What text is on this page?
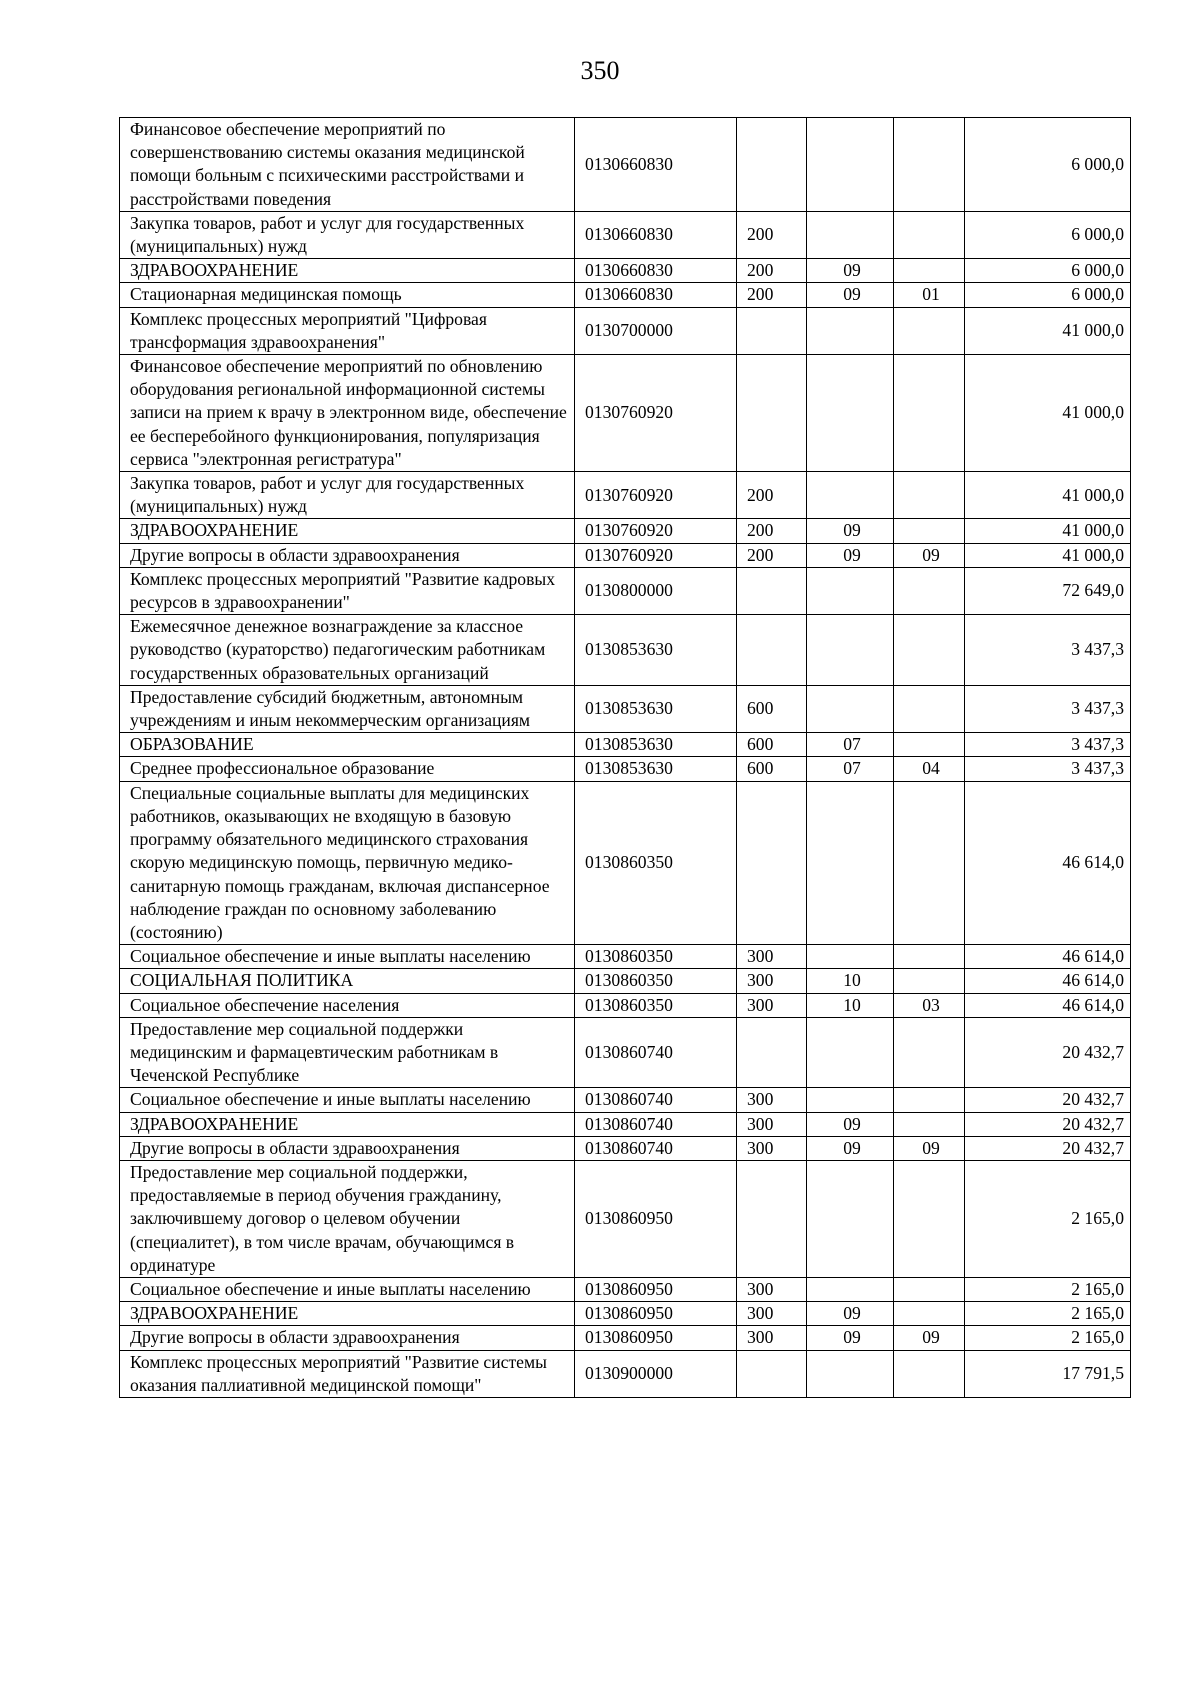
350
Финансовое обеспечение мероприятий по совершенствованию системы оказания медицинской помощи больным с психическими расстройствами и расстройствами поведения	0130660830				6 000,0
Закупка товаров, работ и услуг для государственных (муниципальных) нужд	0130660830	200			6 000,0
ЗДРАВООХРАНЕНИЕ	0130660830	200	09		6 000,0
Стационарная медицинская помощь	0130660830	200	09	01	6 000,0
Комплекс процессных мероприятий "Цифровая трансформация здравоохранения"	0130700000				41 000,0
Финансовое обеспечение мероприятий по обновлению оборудования региональной информационной системы записи на прием к врачу в электронном виде, обеспечение ее бесперебойного функционирования, популяризация сервиса "электронная регистратура"	0130760920				41 000,0
Закупка товаров, работ и услуг для государственных (муниципальных) нужд	0130760920	200			41 000,0
ЗДРАВООХРАНЕНИЕ	0130760920	200	09		41 000,0
Другие вопросы в области здравоохранения	0130760920	200	09	09	41 000,0
Комплекс процессных мероприятий "Развитие кадровых ресурсов в здравоохранении"	0130800000				72 649,0
Ежемесячное денежное вознаграждение за классное руководство (кураторство) педагогическим работникам государственных образовательных организаций	0130853630				3 437,3
Предоставление субсидий бюджетным, автономным учреждениям и иным некоммерческим организациям	0130853630	600			3 437,3
ОБРАЗОВАНИЕ	0130853630	600	07		3 437,3
Среднее профессиональное образование	0130853630	600	07	04	3 437,3
Специальные социальные выплаты для медицинских работников, оказывающих не входящую в базовую программу обязательного медицинского страхования скорую медицинскую помощь, первичную медико-санитарную помощь гражданам, включая диспансерное наблюдение граждан по основному заболеванию (состоянию)	0130860350				46 614,0
Социальное обеспечение и иные выплаты населению	0130860350	300			46 614,0
СОЦИАЛЬНАЯ ПОЛИТИКА	0130860350	300	10		46 614,0
Социальное обеспечение населения	0130860350	300	10	03	46 614,0
Предоставление мер социальной поддержки медицинским и фармацевтическим работникам в Чеченской Республике	0130860740				20 432,7
Социальное обеспечение и иные выплаты населению	0130860740	300			20 432,7
ЗДРАВООХРАНЕНИЕ	0130860740	300	09		20 432,7
Другие вопросы в области здравоохранения	0130860740	300	09	09	20 432,7
Предоставление мер социальной поддержки, предоставляемые в период обучения гражданину, заключившему договор о целевом обучении (специалитет), в том числе врачам, обучающимся в ординатуре	0130860950				2 165,0
Социальное обеспечение и иные выплаты населению	0130860950	300			2 165,0
ЗДРАВООХРАНЕНИЕ	0130860950	300	09		2 165,0
Другие вопросы в области здравоохранения	0130860950	300	09	09	2 165,0
Комплекс процессных мероприятий "Развитие системы оказания паллиативной медицинской помощи"	0130900000				17 791,5
